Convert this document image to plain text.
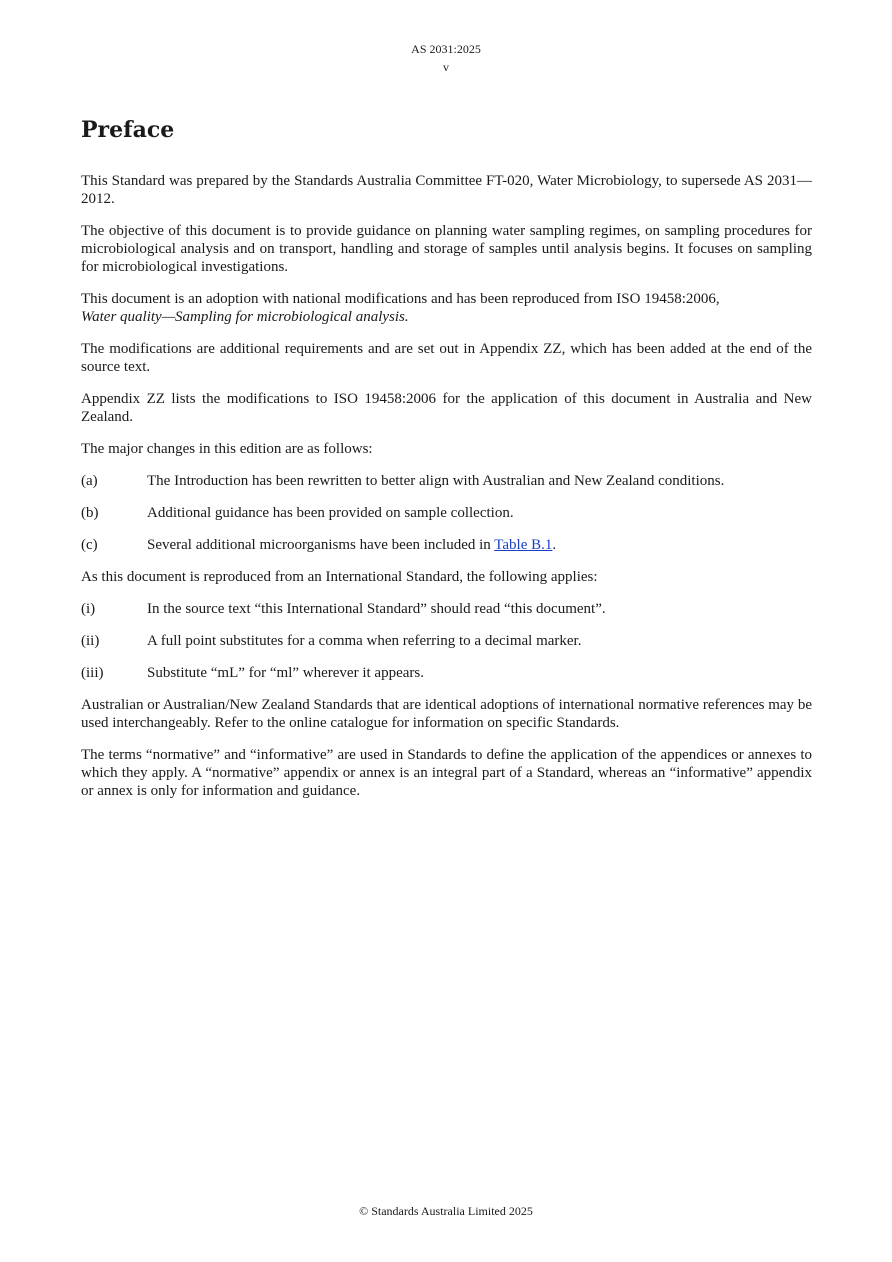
AS 2031:2025
v
Preface

This Standard was prepared by the Standards Australia Committee FT-020, Water Microbiology, to supersede AS 2031—2012.

The objective of this document is to provide guidance on planning water sampling regimes, on sampling procedures for microbiological analysis and on transport, handling and storage of samples until analysis begins. It focuses on sampling for microbiological investigations.

This document is an adoption with national modifications and has been reproduced from ISO 19458:2006,
Water quality—Sampling for microbiological analysis.

The modifications are additional requirements and are set out in Appendix ZZ, which has been added at the end of the source text.

Appendix ZZ lists the modifications to ISO 19458:2006 for the application of this document in Australia and New Zealand.

The major changes in this edition are as follows:

(a)	The Introduction has been rewritten to better align with Australian and New Zealand conditions.
(b)	Additional guidance has been provided on sample collection.
(c)	Several additional microorganisms have been included in Table B.1.

As this document is reproduced from an International Standard, the following applies:

(i)	In the source text “this International Standard” should read “this document”.
(ii)	A full point substitutes for a comma when referring to a decimal marker.
(iii)	Substitute “mL” for “ml” wherever it appears.

Australian or Australian/New Zealand Standards that are identical adoptions of international normative references may be used interchangeably. Refer to the online catalogue for information on specific Standards.

The terms “normative” and “informative” are used in Standards to define the application of the appendices or annexes to which they apply. A “normative” appendix or annex is an integral part of a Standard, whereas an “informative” appendix or annex is only for information and guidance.

© Standards Australia Limited 2025
